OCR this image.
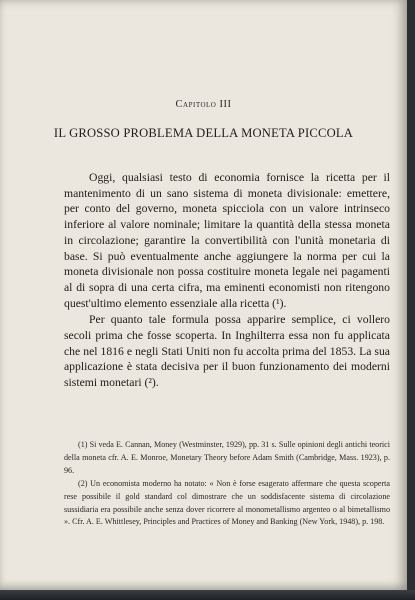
Capitolo III
IL GROSSO PROBLEMA DELLA MONETA PICCOLA

Oggi, qualsiasi testo di economia fornisce la ricetta per il mantenimento di un sano sistema di moneta divisionale: emettere, per conto del governo, moneta spicciola con un valore intrinseco inferiore al valore nominale; limitare la quantità della stessa moneta in circolazione; garantire la convertibilità con l'unità monetaria di base. Si può eventualmente anche aggiungere la norma per cui la moneta divisionale non possa costituire moneta legale nei pagamenti al di sopra di una certa cifra, ma eminenti economisti non ritengono quest'ultimo elemento essenziale alla ricetta (¹).

Per quanto tale formula possa apparire semplice, ci vollero secoli prima che fosse scoperta. In Inghilterra essa non fu applicata che nel 1816 e negli Stati Uniti non fu accolta prima del 1853. La sua applicazione è stata decisiva per il buon funzionamento dei moderni sistemi monetari (²).

(1) Si veda E. Cannan, Money (Westminster, 1929), pp. 31 s. Sulle opinioni degli antichi teorici della moneta cfr. A. E. Monroe, Monetary Theory before Adam Smith (Cambridge, Mass. 1923), p. 96.

(2) Un economista moderno ha notato: « Non è forse esagerato affermare che questa scoperta rese possibile il gold standard col dimostrare che un soddisfacente sistema di circolazione sussidiaria era possibile anche senza dover ricorrere al monometallismo argenteo o al bimetallismo ». Cfr. A. E. Whittlesey, Principles and Practices of Money and Banking (New York, 1948), p. 198.
